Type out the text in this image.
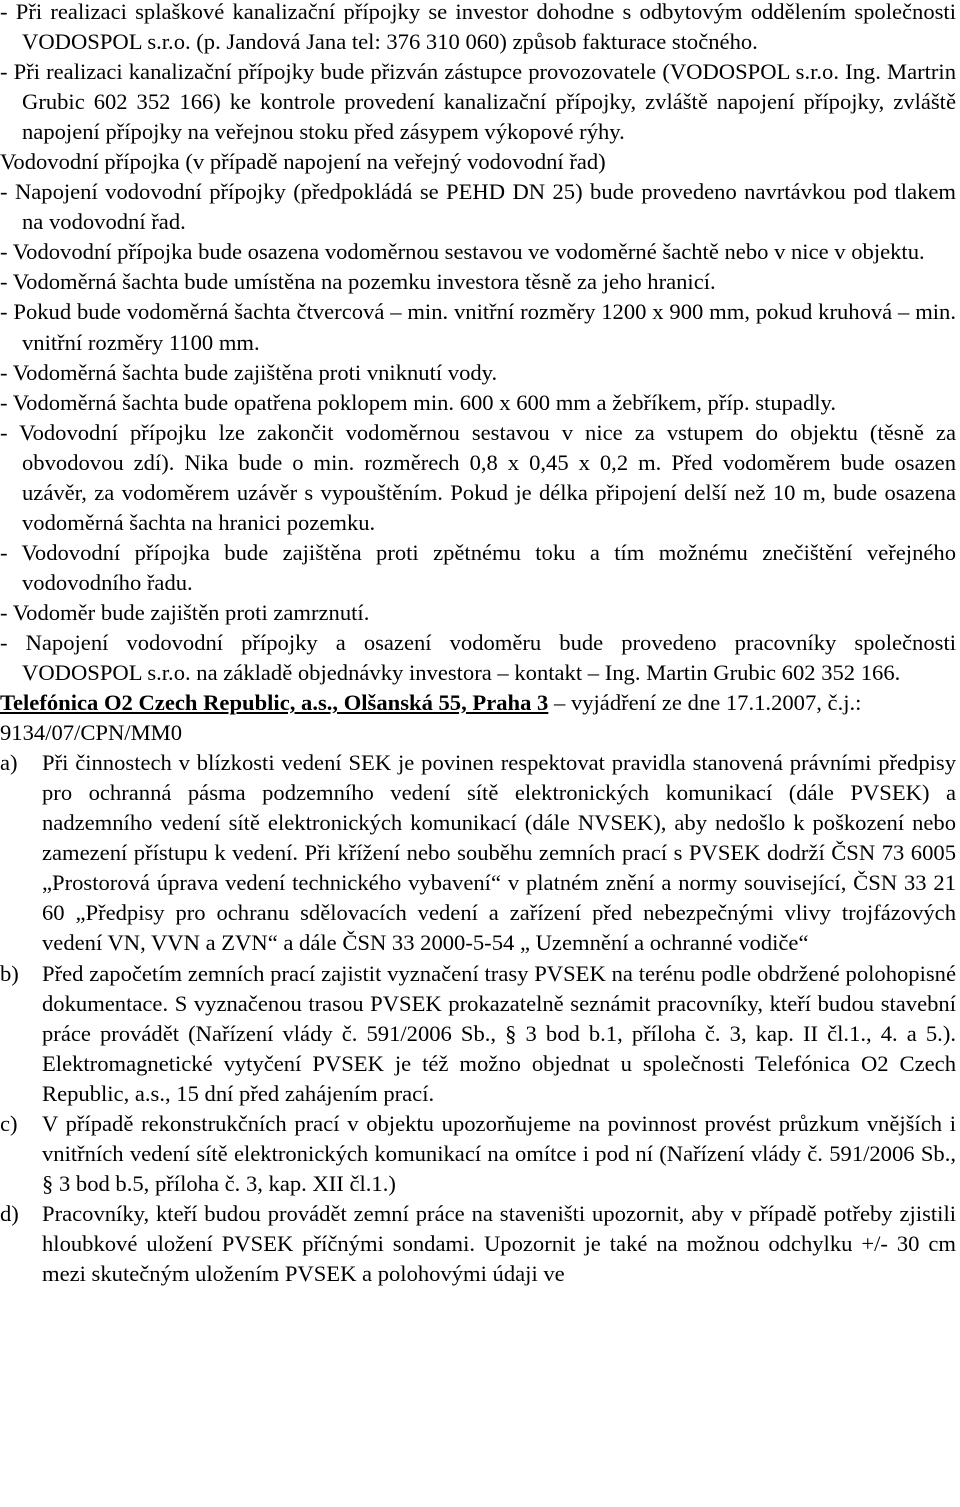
- Při realizaci splaškové kanalizační přípojky se investor dohodne s odbytovým oddělením společnosti VODOSPOL s.r.o. (p. Jandová Jana tel: 376 310 060) způsob fakturace stočného.

- Při realizaci kanalizační přípojky bude přizván zástupce provozovatele (VODOSPOL s.r.o. Ing. Martrin Grubic 602 352 166) ke kontrole provedení kanalizační přípojky, zvláště napojení přípojky, zvláště napojení přípojky na veřejnou stoku před zásypem výkopové rýhy.

Vodovodní přípojka (v případě napojení na veřejný vodovodní řad)

- Napojení vodovodní přípojky (předpokládá se PEHD DN 25) bude provedeno navrtávkou pod tlakem na vodovodní řad.

- Vodovodní přípojka bude osazena vodoměrnou sestavou ve vodoměrné šachtě nebo v nice v objektu.

- Vodoměrná šachta bude umístěna na pozemku investora těsně za jeho hranicí.

- Pokud bude vodoměrná šachta čtvercová – min. vnitřní rozměry 1200 x 900 mm, pokud kruhová – min. vnitřní rozměry 1100 mm.

- Vodoměrná šachta bude zajištěna proti vniknutí vody.

- Vodoměrná šachta bude opatřena poklopem min. 600 x 600 mm a žebříkem, příp. stupadly.

- Vodovodní přípojku lze zakončit vodoměrnou sestavou v nice za vstupem do objektu (těsně za obvodovou zdí). Nika bude o min. rozměrech 0,8 x 0,45 x 0,2 m. Před vodoměrem bude osazen uzávěr, za vodoměrem uzávěr s vypouštěním. Pokud je délka připojení delší než 10 m, bude osazena vodoměrná šachta na hranici pozemku.

- Vodovodní přípojka bude zajištěna proti zpětnému toku a tím možnému znečištění veřejného vodovodního řadu.

- Vodoměr bude zajištěn proti zamrznutí.

- Napojení vodovodní přípojky a osazení vodoměru bude provedeno pracovníky společnosti VODOSPOL s.r.o. na základě objednávky investora – kontakt – Ing. Martin Grubic 602 352 166.

Telefónica O2 Czech Republic, a.s., Olšanská 55, Praha 3 – vyjádření ze dne 17.1.2007, č.j.: 9134/07/CPN/MM0

a)	Při činnostech v blízkosti vedení SEK je povinen respektovat pravidla stanovená právními předpisy pro ochranná pásma podzemního vedení sítě elektronických komunikací (dále PVSEK) a nadzemního vedení sítě elektronických komunikací (dále NVSEK), aby nedošlo k poškození nebo zamezení přístupu k vedení. Při křížení nebo souběhu zemních prací s PVSEK dodrží ČSN 73 6005 „Prostorová úprava vedení technického vybavení“ v platném znění a normy související, ČSN 33 21 60 „Předpisy pro ochranu sdělovacích vedení a zařízení před nebezpečnými vlivy trojfázových vedení VN, VVN a ZVN“ a dále ČSN 33 2000-5-54 „ Uzemnění a ochranné vodiče“
b)	Před započetím zemních prací zajistit vyznačení trasy PVSEK na terénu podle obdržené polohopisné dokumentace. S vyznačenou trasou PVSEK prokazatelně seznámit pracovníky, kteří budou stavební práce provádět (Nařízení vlády č. 591/2006 Sb., § 3 bod b.1, příloha č. 3, kap. II čl.1., 4. a 5.). Elektromagnetické vytyčení PVSEK je též možno objednat u společnosti Telefónica O2 Czech Republic, a.s., 15 dní před zahájením prací.
c)	V případě rekonstrukčních prací v objektu upozorňujeme na povinnost provést průzkum vnějších i vnitřních vedení sítě elektronických komunikací na omítce i pod ní (Nařízení vlády č. 591/2006 Sb., § 3 bod b.5, příloha č. 3, kap. XII čl.1.)
d)	Pracovníky, kteří budou provádět zemní práce na staveništi upozornit, aby v případě potřeby zjistili hloubkové uložení PVSEK příčnými sondami. Upozornit je také na možnou odchylku +/- 30 cm mezi skutečným uložením PVSEK a polohovými údaji ve
